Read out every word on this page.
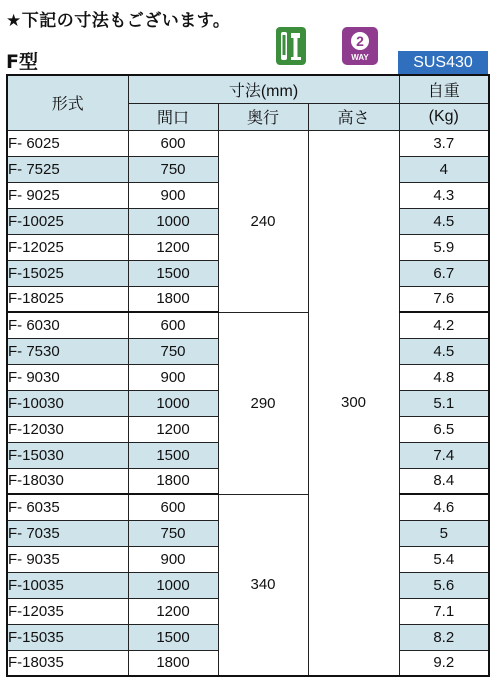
★下記の寸法もございます。
F型
2
WAY	SUS430
形式	寸法(mm)			自重
	間口	奥行	高さ	(Kg)
F- 6025	600	240	300	3.7
F- 7525	750			4
F- 9025	900			4.3
F-10025	1000			4.5
F-12025	1200			5.9
F-15025	1500			6.7
F-18025	1800			7.6
F- 6030	600	290		4.2
F- 7530	750			4.5
F- 9030	900			4.8
F-10030	1000			5.1
F-12030	1200			6.5
F-15030	1500			7.4
F-18030	1800			8.4
F- 6035	600	340		4.6
F- 7035	750			5
F- 9035	900			5.4
F-10035	1000			5.6
F-12035	1200			7.1
F-15035	1500			8.2
F-18035	1800			9.2
